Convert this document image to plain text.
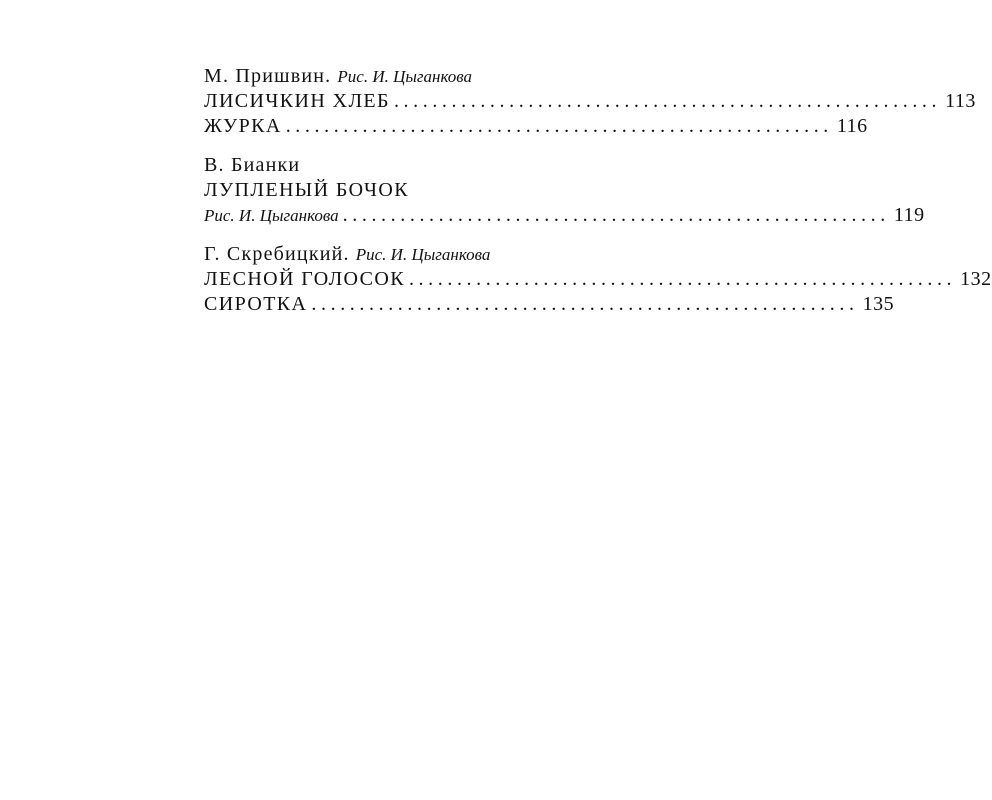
М. Пришвин. Рис. И. Цыганкова
ЛИСИЧКИН ХЛЕБ ......................................................... 113
ЖУРКА ......................................................... 116
В. Бианки
ЛУПЛЕНЫЙ БОЧОК
Рис. И. Цыганкова ......................................................... 119
Г. Скребицкий. Рис. И. Цыганкова
ЛЕСНОЙ ГОЛОСОК ......................................................... 132
СИРОТКА ......................................................... 135
